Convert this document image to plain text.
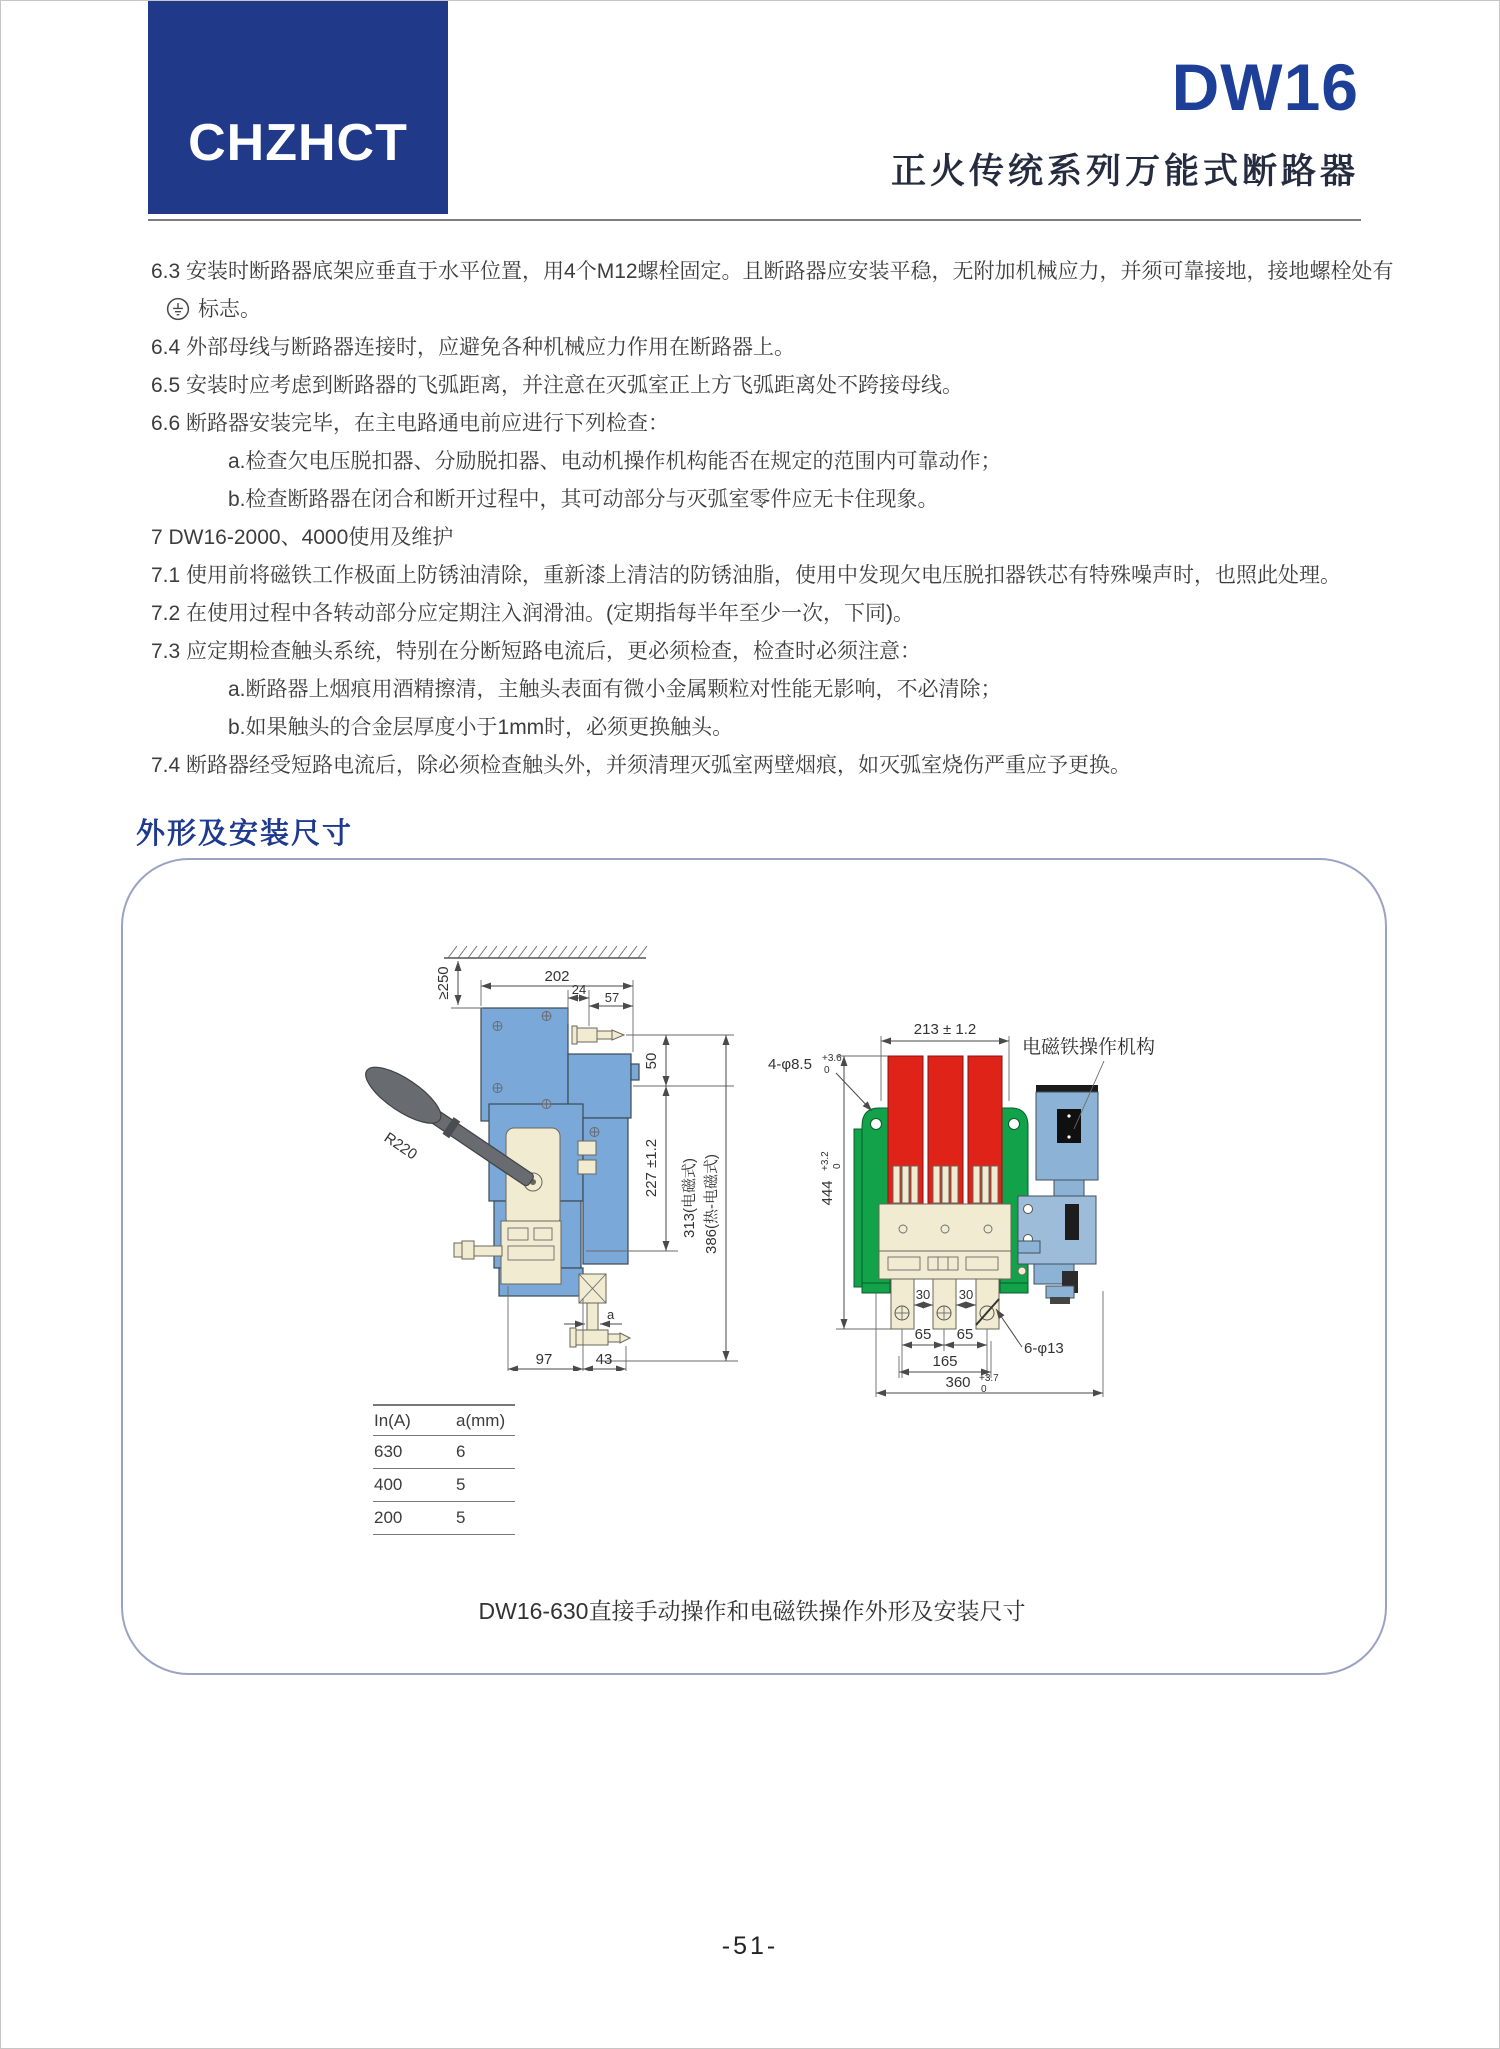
CHZHCT
DW16
正火传统系列万能式断路器
6.3 安装时断路器底架应垂直于水平位置，用4个M12螺栓固定。且断路器应安装平稳，无附加机械应力，并须可靠接地，接地螺栓处有
标志。
6.4 外部母线与断路器连接时，应避免各种机械应力作用在断路器上。
6.5 安装时应考虑到断路器的飞弧距离，并注意在灭弧室正上方飞弧距离处不跨接母线。
6.6 断路器安装完毕，在主电路通电前应进行下列检查：
a.检查欠电压脱扣器、分励脱扣器、电动机操作机构能否在规定的范围内可靠动作；
b.检查断路器在闭合和断开过程中，其可动部分与灭弧室零件应无卡住现象。
7 DW16-2000、4000使用及维护
7.1 使用前将磁铁工作极面上防锈油清除，重新漆上清洁的防锈油脂，使用中发现欠电压脱扣器铁芯有特殊噪声时，也照此处理。
7.2 在使用过程中各转动部分应定期注入润滑油。(定期指每半年至少一次，下同)。
7.3 应定期检查触头系统，特别在分断短路电流后，更必须检查，检查时必须注意：
a.断路器上烟痕用酒精擦清，主触头表面有微小金属颗粒对性能无影响，不必清除；
b.如果触头的合金层厚度小于1mm时，必须更换触头。
7.4 断路器经受短路电流后，除必须检查触头外，并须清理灭弧室两壁烟痕，如灭弧室烧伤严重应予更换。
外形及安装尺寸
R220
≥250	202
24
57
50
227 ±1.2 313(电磁式) 386(热-电磁式)
a
97	43
电磁铁操作机构
213 ± 1.2
4-φ8.5 +3.6
0
444
+3.2 0
30 30
65 65
165
360 +3.7
0
6-φ13
In(A)	a(mm)
630	6
400	5
200	5
DW16-630直接手动操作和电磁铁操作外形及安装尺寸
-51-
